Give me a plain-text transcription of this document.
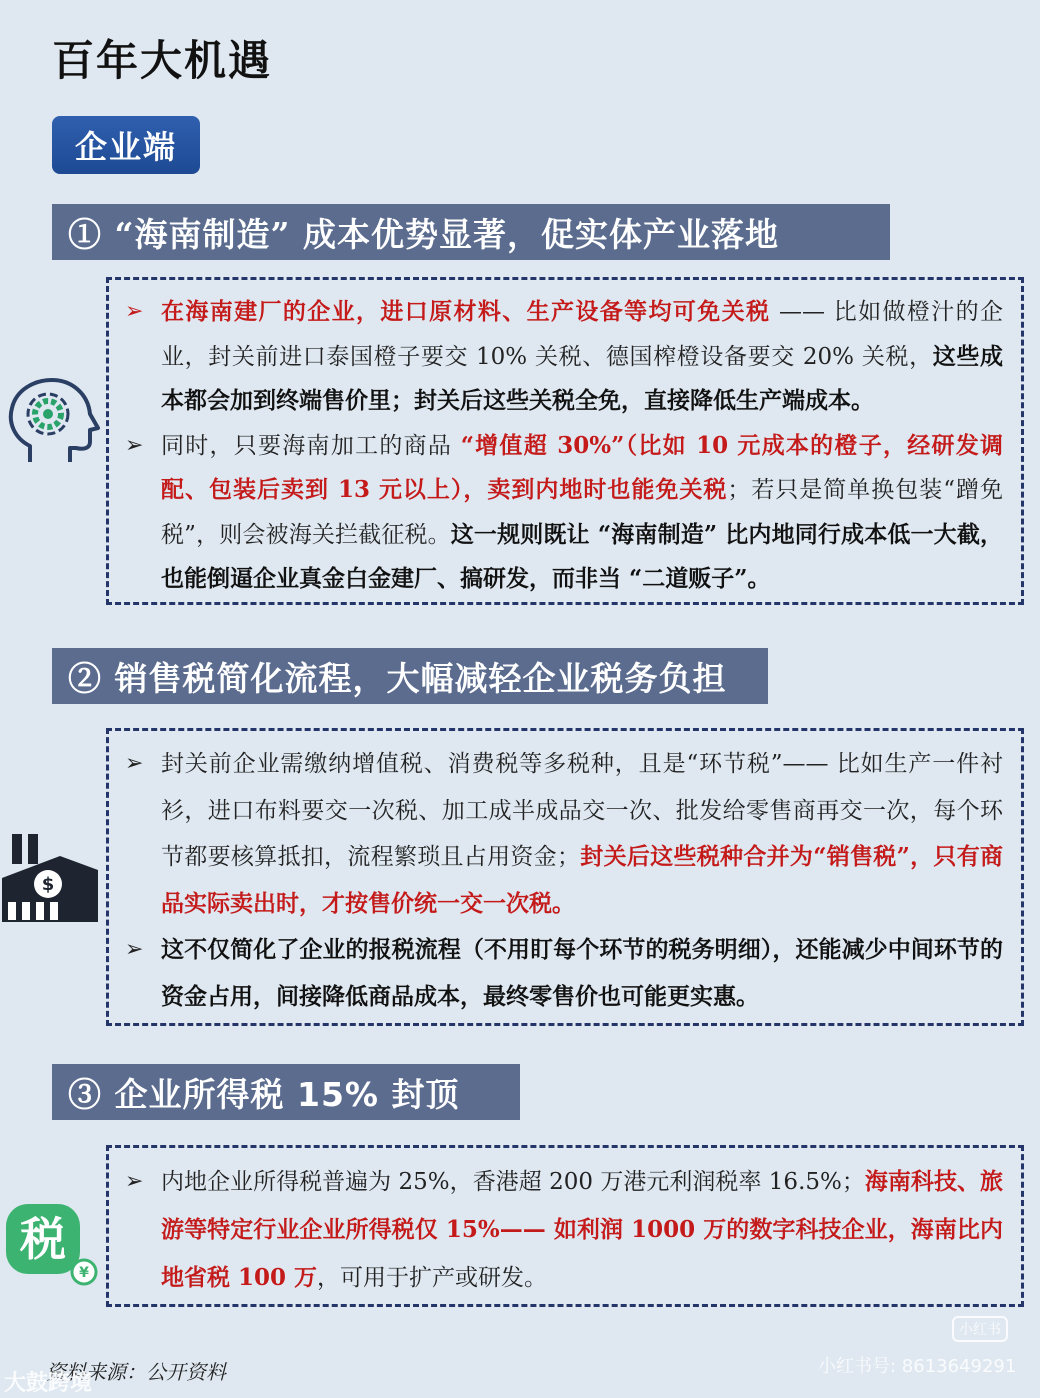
百年大机遇
企业端
① “海南制造” 成本优势显著，促实体产业落地

➢ 在海南建厂的企业，进口原材料、生产设备等均可免关税 —— 比如做橙汁的企业，封关前进口泰国橙子要交 10% 关税、德国榨橙设备要交 20% 关税，这些成本都会加到终端售价里；封关后这些关税全免，直接降低生产端成本。

➢ 同时，只要海南加工的商品 “增值超 30%”（比如 10 元成本的橙子，经研发调配、包装后卖到 13 元以上），卖到内地时也能免关税；若只是简单换包装“蹭免税”，则会被海关拦截征税。这一规则既让 “海南制造” 比内地同行成本低一大截，也能倒逼企业真金白金建厂、搞研发，而非当 “二道贩子”。

② 销售税简化流程，大幅减轻企业税务负担
$

➢ 封关前企业需缴纳增值税、消费税等多税种，且是“环节税”—— 比如生产一件衬衫，进口布料要交一次税、加工成半成品交一次、批发给零售商再交一次，每个环节都要核算抵扣，流程繁琐且占用资金；封关后这些税种合并为“销售税”，只有商品实际卖出时，才按售价统一交一次税。

➢ 这不仅简化了企业的报税流程（不用盯每个环节的税务明细），还能减少中间环节的资金占用，间接降低商品成本，最终零售价也可能更实惠。

③ 企业所得税 15% 封顶
¥
税

➢ 内地企业所得税普遍为 25%，香港超 200 万港元利润税率 16.5%；海南科技、旅游等特定行业企业所得税仅 15%—— 如利润 1000 万的数字科技企业，海南比内地省税 100 万，可用于扩产或研发。

资料来源：公开资料
小红书
小红书号: 8613649291
大鼓跨境
